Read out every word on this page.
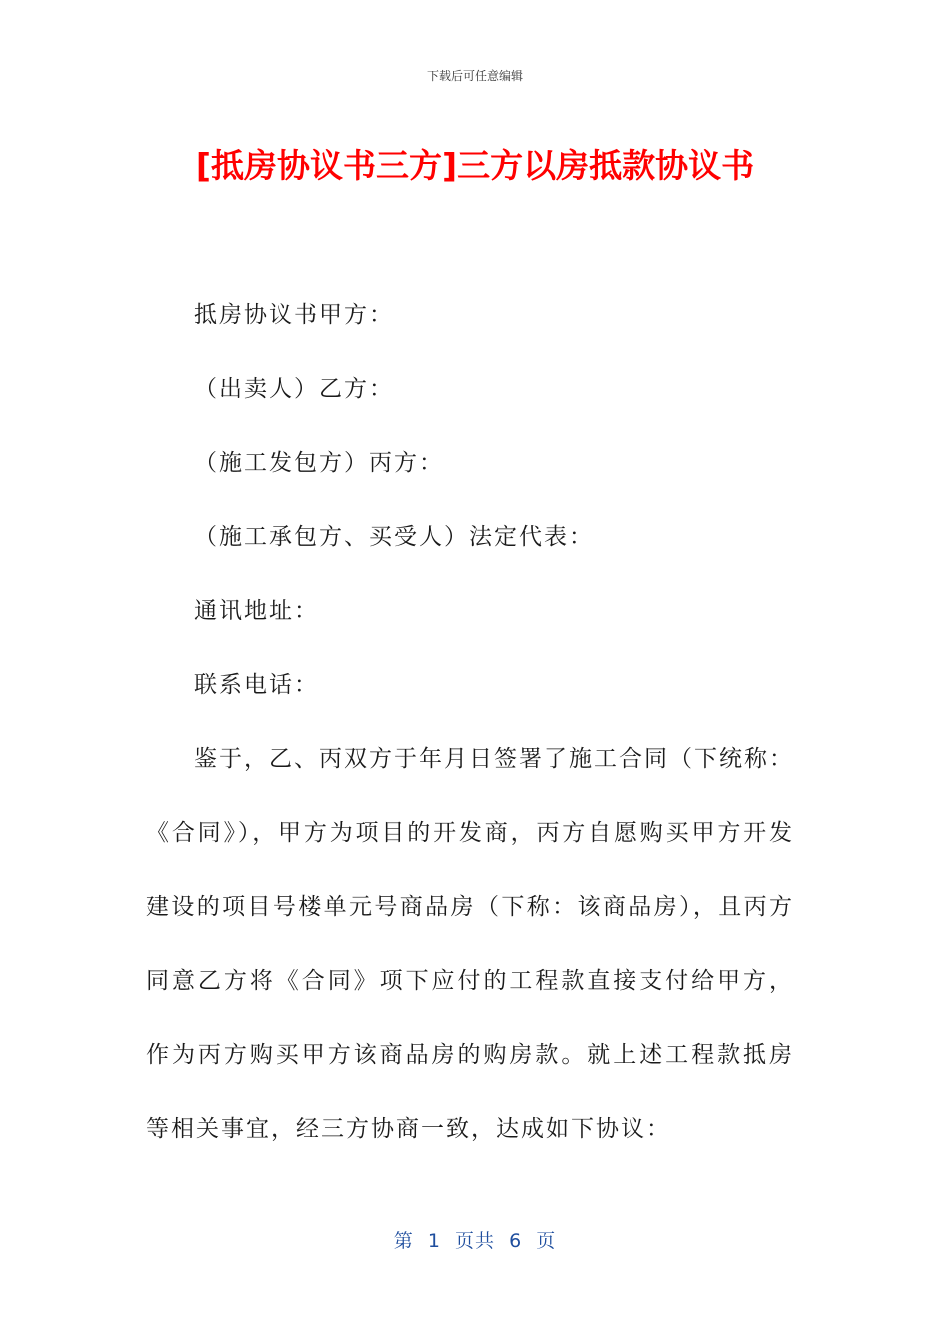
下载后可任意编辑
[抵房协议书三方]三方以房抵款协议书

抵房协议书甲方：

（出卖人）乙方：

（施工发包方）丙方：

（施工承包方、买受人）法定代表：

通讯地址：

联系电话：

鉴于，乙、丙双方于年月日签署了施工合同（下统称：《合同》），甲方为项目的开发商，丙方自愿购买甲方开发建设的项目号楼单元号商品房（下称：该商品房），且丙方同意乙方将《合同》项下应付的工程款直接支付给甲方，作为丙方购买甲方该商品房的购房款。就上述工程款抵房等相关事宜，经三方协商一致，达成如下协议：

第  1  页共  6  页
